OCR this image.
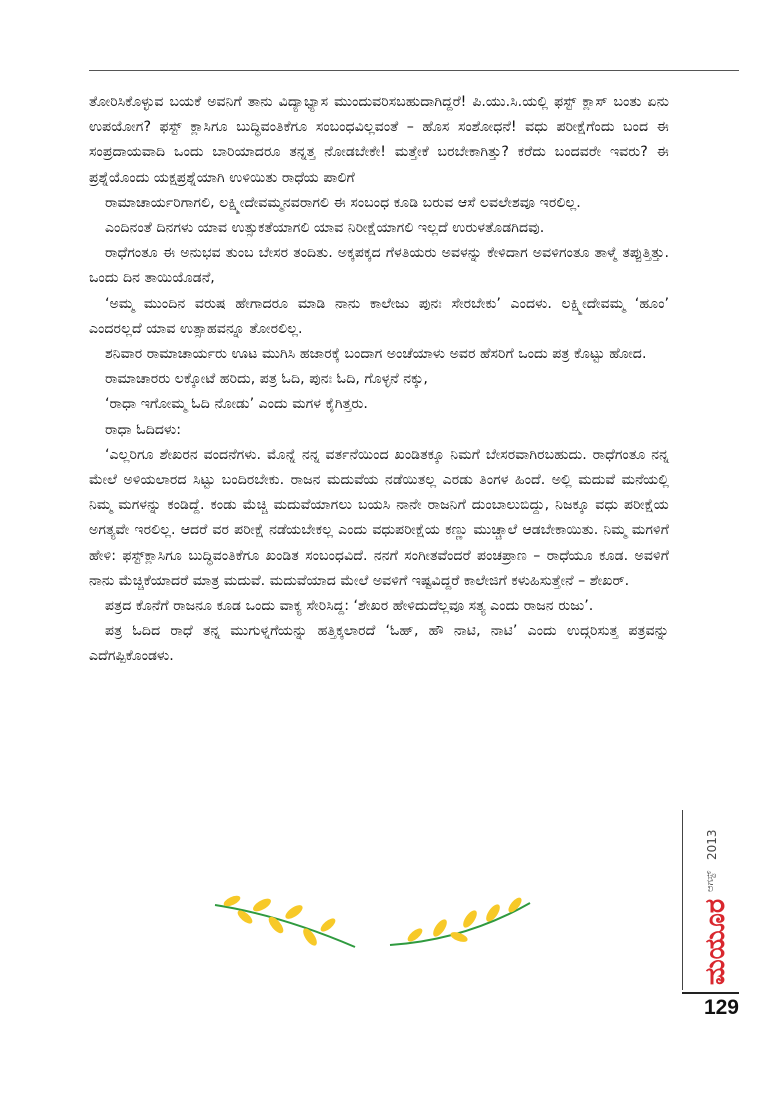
ತೋರಿಸಿಕೊಳ್ಳುವ ಬಯಕೆ ಅವನಿಗೆ ತಾನು ವಿದ್ಯಾಭ್ಯಾಸ ಮುಂದುವರಿಸಬಹುದಾಗಿದ್ದರೆ! ಪಿ.ಯು.ಸಿ.ಯಲ್ಲಿ ಫಸ್ಟ್ ಕ್ಲಾಸ್ ಬಂತು ಏನು ಉಪಯೋಗ? ಫಸ್ಟ್ ಕ್ಲಾಸಿಗೂ ಬುದ್ಧಿವಂತಿಕೆಗೂ ಸಂಬಂಧವಿಲ್ಲವಂತೆ – ಹೊಸ ಸಂಶೋಧನೆ! ವಧು ಪರೀಕ್ಷೆಗೆಂದು ಬಂದ ಈ ಸಂಪ್ರದಾಯವಾದಿ ಒಂದು ಬಾರಿಯಾದರೂ ತನ್ನತ್ತ ನೋಡಬೇಕೇ! ಮತ್ತೇಕೆ ಬರಬೇಕಾಗಿತ್ತು? ಕರೆದು ಬಂದವರೇ ಇವರು? ಈ ಪ್ರಶ್ನೆಯೊಂದು ಯಕ್ಷಪ್ರಶ್ನೆಯಾಗಿ ಉಳಿಯಿತು ರಾಧೆಯ ಪಾಲಿಗೆ

ರಾಮಾಚಾರ್ಯರಿಗಾಗಲಿ, ಲಕ್ಷ್ಮೀದೇವಮ್ಮನವರಾಗಲಿ ಈ ಸಂಬಂಧ ಕೂಡಿ ಬರುವ ಆಸೆ ಲವಲೇಶವೂ ಇರಲಿಲ್ಲ.

ಎಂದಿನಂತೆ ದಿನಗಳು ಯಾವ ಉತ್ಸುಕತೆಯಾಗಲಿ ಯಾವ ನಿರೀಕ್ಷೆಯಾಗಲಿ ಇಲ್ಲದೆ ಉರುಳತೊಡಗಿದವು.

ರಾಧೆಗಂತೂ ಈ ಅನುಭವ ತುಂಬ ಬೇಸರ ತಂದಿತು. ಅಕ್ಕಪಕ್ಕದ ಗೆಳತಿಯರು ಅವಳನ್ನು ಕೇಳಿದಾಗ ಅವಳಿಗಂತೂ ತಾಳ್ಮೆ ತಪ್ಪುತ್ತಿತ್ತು. ಒಂದು ದಿನ ತಾಯಿಯೊಡನೆ,

‘ಅಮ್ಮ ಮುಂದಿನ ವರುಷ ಹೇಗಾದರೂ ಮಾಡಿ ನಾನು ಕಾಲೇಜು ಪುನಃ ಸೇರಬೇಕು’ ಎಂದಳು. ಲಕ್ಷ್ಮೀದೇವಮ್ಮ ‘ಹೂಂ’ ಎಂದರಲ್ಲದೆ ಯಾವ ಉತ್ಸಾಹವನ್ನೂ ತೋರಲಿಲ್ಲ.

ಶನಿವಾರ ರಾಮಾಚಾರ್ಯರು ಊಟ ಮುಗಿಸಿ ಹಜಾರಕ್ಕೆ ಬಂದಾಗ ಅಂಚೆಯಾಳು ಅವರ ಹೆಸರಿಗೆ ಒಂದು ಪತ್ರ ಕೊಟ್ಟು ಹೋದ.

ರಾಮಾಚಾರರು ಲಕ್ಕೋಟೆ ಹರಿದು, ಪತ್ರ ಓದಿ, ಪುನಃ ಓದಿ, ಗೊಳ್ಳನೆ ನಕ್ಕು,

‘ರಾಧಾ ಇಗೋಮ್ಮ ಓದಿ ನೋಡು’ ಎಂದು ಮಗಳ ಕೈಗಿತ್ತರು.

ರಾಧಾ ಓದಿದಳು:

‘ಎಲ್ಲರಿಗೂ ಶೇಖರನ ವಂದನೆಗಳು. ಮೊನ್ನೆ ನನ್ನ ವರ್ತನೆಯಿಂದ ಖಂಡಿತಕ್ಕೂ ನಿಮಗೆ ಬೇಸರವಾಗಿರಬಹುದು. ರಾಧೆಗಂತೂ ನನ್ನ ಮೇಲೆ ಅಳಿಯಲಾರದ ಸಿಟ್ಟು ಬಂದಿರಬೇಕು. ರಾಜನ ಮದುವೆಯ ನಡೆಯಿತಲ್ಲ ಎರಡು ತಿಂಗಳ ಹಿಂದೆ. ಅಲ್ಲಿ ಮದುವೆ ಮನೆಯಲ್ಲಿ ನಿಮ್ಮ ಮಗಳನ್ನು ಕಂಡಿದ್ದೆ. ಕಂಡು ಮೆಚ್ಚಿ ಮದುವೆಯಾಗಲು ಬಯಸಿ ನಾನೇ ರಾಜನಿಗೆ ದುಂಬಾಲುಬಿದ್ದು, ನಿಜಕ್ಕೂ ವಧು ಪರೀಕ್ಷೆಯ ಅಗತ್ಯವೇ ಇರಲಿಲ್ಲ. ಆದರೆ ವರ ಪರೀಕ್ಷೆ ನಡೆಯಬೇಕಲ್ಲ ಎಂದು ವಧುಪರೀಕ್ಷೆಯ ಕಣ್ಣು ಮುಚ್ಚಾಲೆ ಆಡಬೇಕಾಯಿತು. ನಿಮ್ಮ ಮಗಳಿಗೆ ಹೇಳಿ: ಫಸ್ಟ್‌ಕ್ಲಾಸಿಗೂ ಬುದ್ಧಿವಂತಿಕೆಗೂ ಖಂಡಿತ ಸಂಬಂಧವಿದೆ. ನನಗೆ ಸಂಗೀತವೆಂದರೆ ಪಂಚಪ್ರಾಣ – ರಾಧೆಯೂ ಕೂಡ. ಅವಳಿಗೆ ನಾನು ಮೆಚ್ಚಿಕೆಯಾದರೆ ಮಾತ್ರ ಮದುವೆ. ಮದುವೆಯಾದ ಮೇಲೆ ಅವಳಿಗೆ ಇಷ್ಟವಿದ್ದರೆ ಕಾಲೇಜಿಗೆ ಕಳುಹಿಸುತ್ತೇನೆ – ಶೇಖರ್.

ಪತ್ರದ ಕೊನೆಗೆ ರಾಜನೂ ಕೂಡ ಒಂದು ವಾಕ್ಯ ಸೇರಿಸಿದ್ದ: ‘ಶೇಖರ ಹೇಳಿದುದೆಲ್ಲವೂ ಸತ್ಯ ಎಂದು ರಾಜನ ರುಜು’.

ಪತ್ರ ಓದಿದ ರಾಧೆ ತನ್ನ ಮುಗುಳ್ನಗೆಯನ್ನು ಹತ್ತಿಕ್ಕಲಾರದೆ ‘ಓಹ್, ಹೌ ನಾಟಿ, ನಾಟಿ’ ಎಂದು ಉದ್ಗರಿಸುತ್ತ ಪತ್ರವನ್ನು ಎದೆಗಪ್ಪಿಕೊಂಡಳು.

2013
ಆಗಸ್ಟ್
ಮಯೂರ
129
